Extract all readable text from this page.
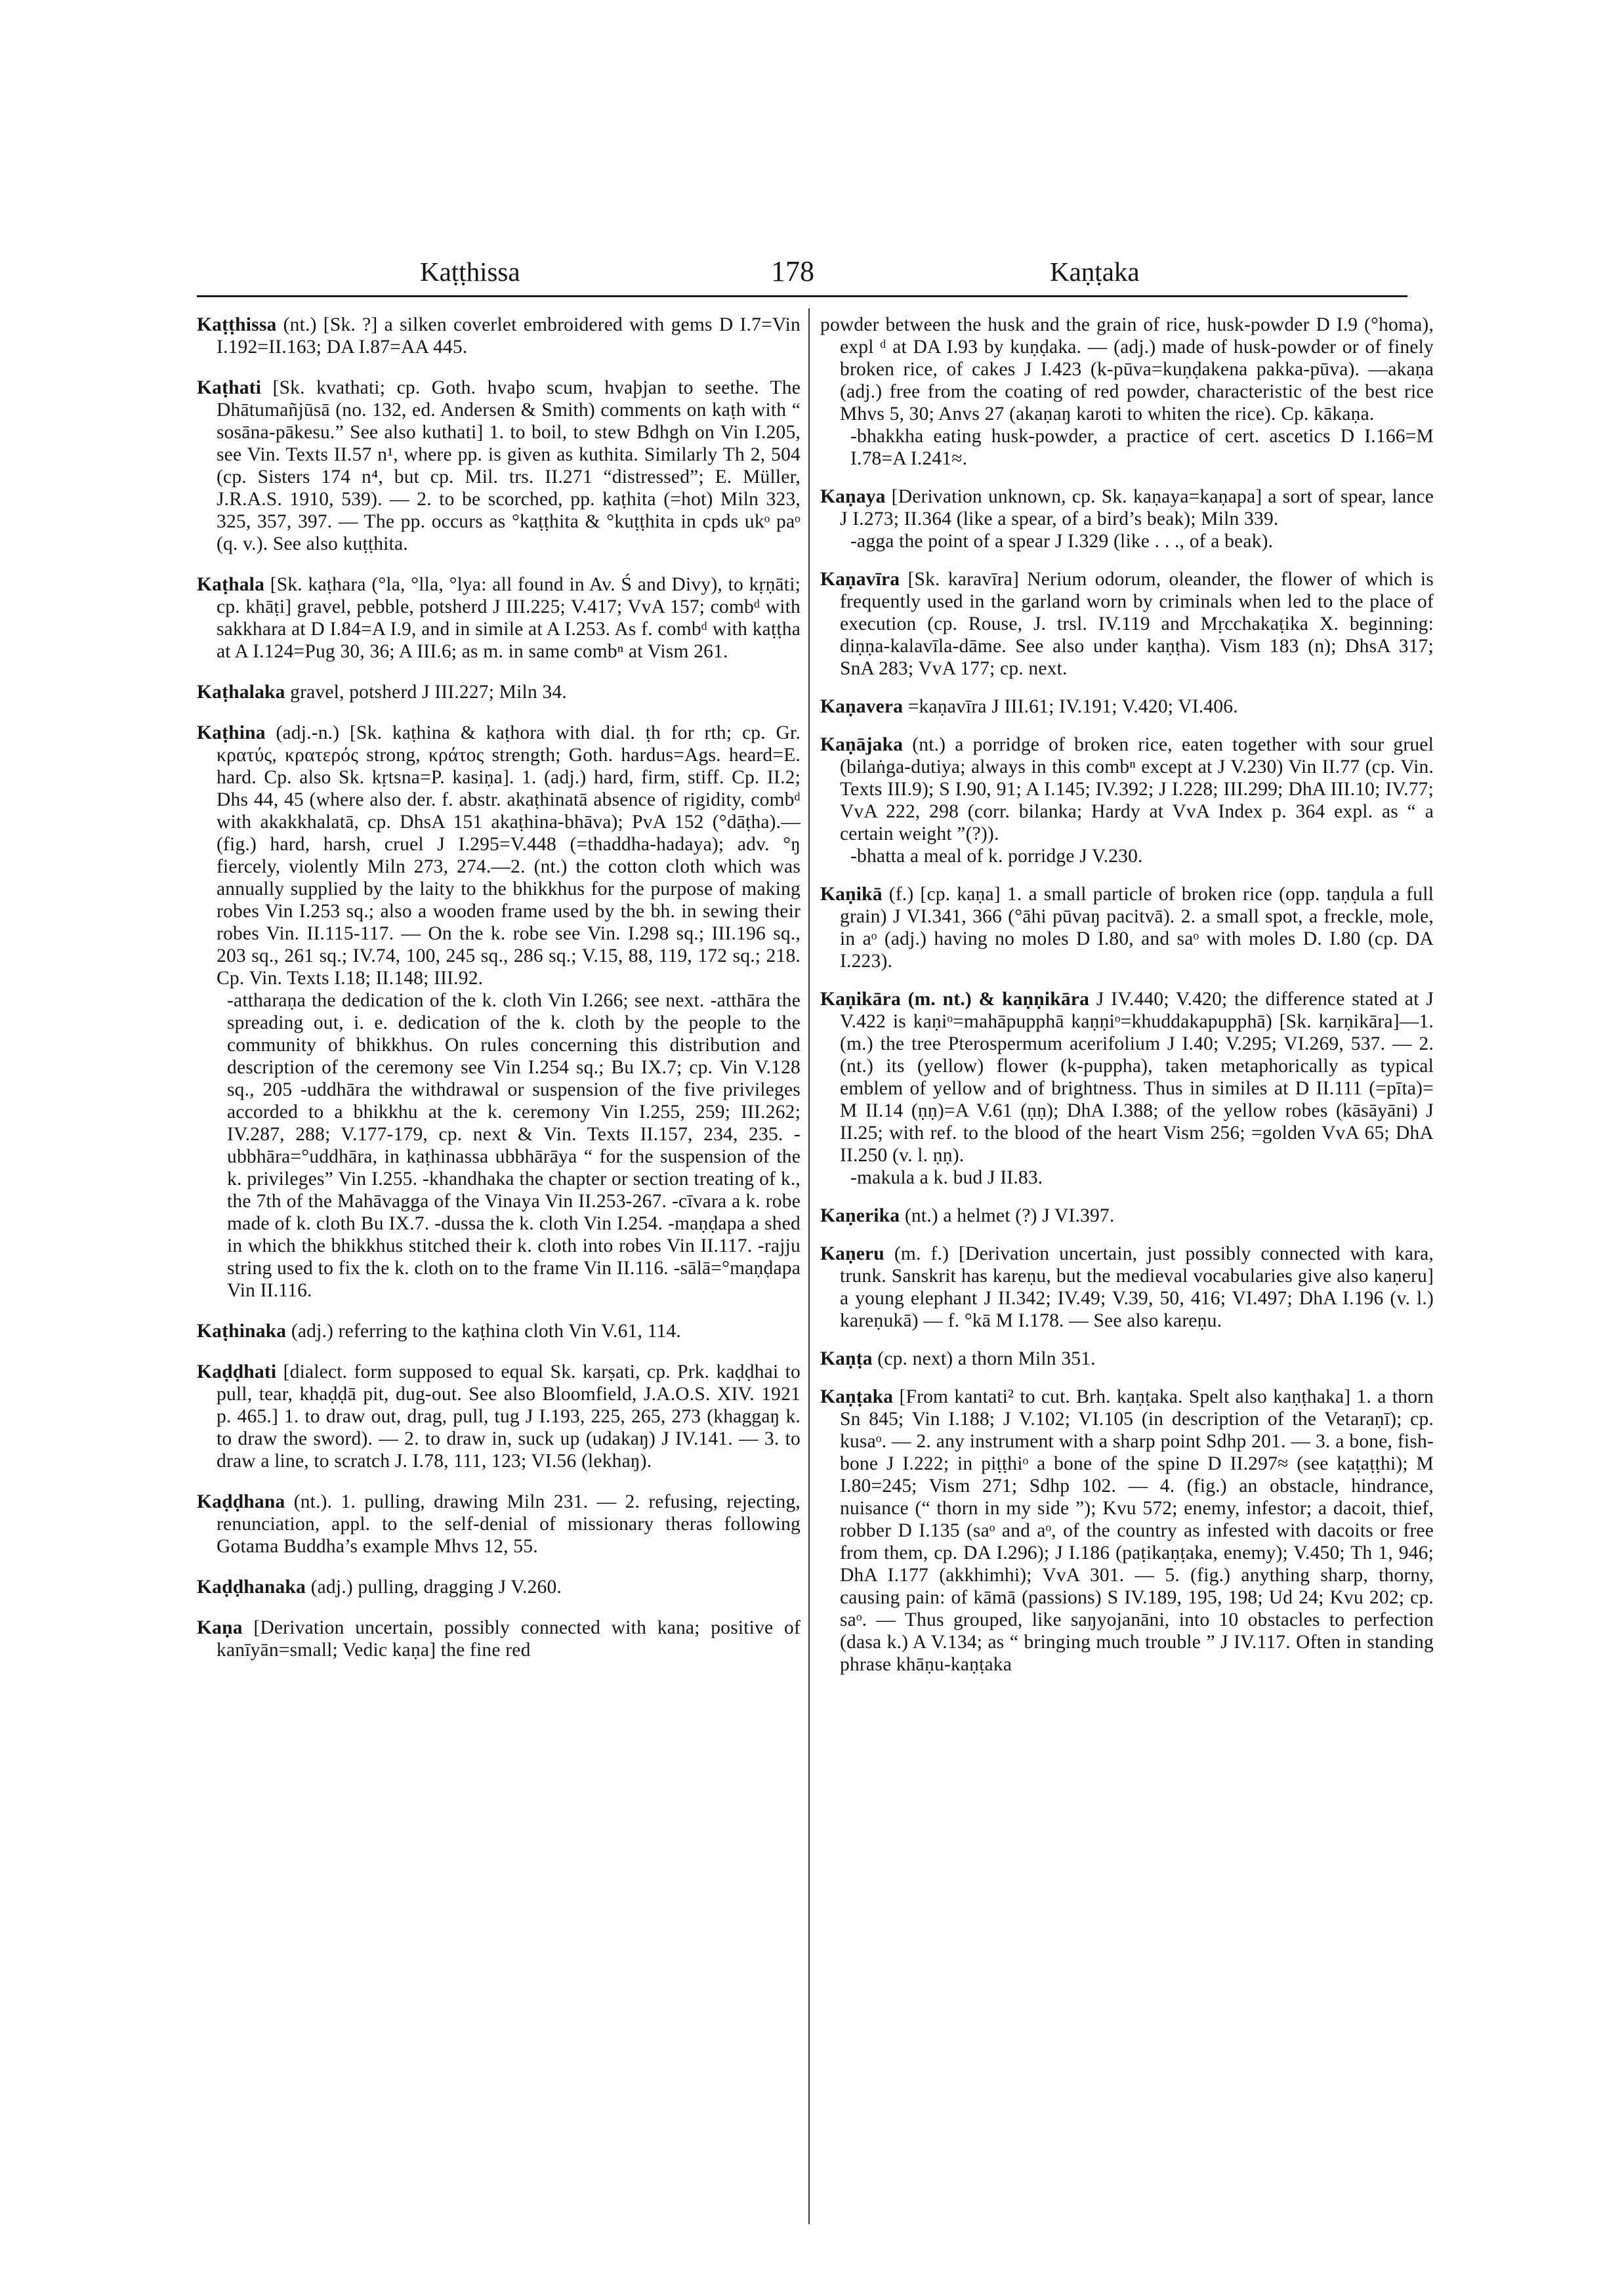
Kaṭṭhissa	178	Kaṇṭaka
Kaṭṭhissa (nt.) [Sk. ?] a silken coverlet embroidered with gems D I.7=Vin I.192=II.163; DA I.87=AA 445.
Kaṭhati [Sk. kvathati; cp. Goth. hvaþo scum, hvaþjan to seethe. The Dhātumañjūsā (no. 132, ed. Andersen & Smith) comments on kaṭh with “ sosāna-pākesu.” See also kuthati] 1. to boil, to stew Bdhgh on Vin I.205, see Vin. Texts II.57 n¹, where pp. is given as kuthita. Similarly Th 2, 504 (cp. Sisters 174 n⁴, but cp. Mil. trs. II.271 “distressed”; E. Müller, J.R.A.S. 1910, 539). — 2. to be scorched, pp. kaṭhita (=hot) Miln 323, 325, 357, 397. — The pp. occurs as °kaṭṭhita & °kuṭṭhita in cpds ukᵒ paᵒ (q. v.). See also kuṭṭhita.
Kaṭhala [Sk. kaṭhara (°la, °lla, °lya: all found in Av. Ś and Divy), to kṛṇāti; cp. khāṭi] gravel, pebble, potsherd J III.225; V.417; VvA 157; combᵈ with sakkhara at D I.84=A I.9, and in simile at A I.253. As f. combᵈ with kaṭṭha at A I.124=Pug 30, 36; A III.6; as m. in same combⁿ at Vism 261.
Kaṭhalaka gravel, potsherd J III.227; Miln 34.
Kaṭhina (adj.-n.) [Sk. kaṭhina & kaṭhora with dial. ṭh for rth; cp. Gr. κρατύς, κρατερός strong, κράτος strength; Goth. hardus=Ags. heard=E. hard. Cp. also Sk. kṛtsna=P. kasiṇa]. 1. (adj.) hard, firm, stiff. Cp. II.2; Dhs 44, 45 (where also der. f. abstr. akaṭhinatā absence of rigidity, combᵈ with akakkhalatā, cp. DhsA 151 akaṭhina-bhāva); PvA 152 (°dāṭha).—(fig.) hard, harsh, cruel J I.295=V.448 (=thaddha-hadaya); adv. °ŋ fiercely, violently Miln 273, 274.—2. (nt.) the cotton cloth which was annually supplied by the laity to the bhikkhus for the purpose of making robes Vin I.253 sq.; also a wooden frame used by the bh. in sewing their robes Vin. II.115-117. — On the k. robe see Vin. I.298 sq.; III.196 sq., 203 sq., 261 sq.; IV.74, 100, 245 sq., 286 sq.; V.15, 88, 119, 172 sq.; 218. Cp. Vin. Texts I.18; II.148; III.92.
-attharaṇa the dedication of the k. cloth Vin I.266; see next. -atthāra the spreading out, i. e. dedication of the k. cloth by the people to the community of bhikkhus. On rules concerning this distribution and description of the ceremony see Vin I.254 sq.; Bu IX.7; cp. Vin V.128 sq., 205 -uddhāra the withdrawal or suspension of the five privileges accorded to a bhikkhu at the k. ceremony Vin I.255, 259; III.262; IV.287, 288; V.177-179, cp. next & Vin. Texts II.157, 234, 235. -ubbhāra=°uddhāra, in kaṭhinassa ubbhārāya “ for the suspension of the k. privileges” Vin I.255. -khandhaka the chapter or section treating of k., the 7th of the Mahāvagga of the Vinaya Vin II.253-267. -cīvara a k. robe made of k. cloth Bu IX.7. -dussa the k. cloth Vin I.254. -maṇḍapa a shed in which the bhikkhus stitched their k. cloth into robes Vin II.117. -rajju string used to fix the k. cloth on to the frame Vin II.116. -sālā=°maṇḍapa Vin II.116.
Kaṭhinaka (adj.) referring to the kaṭhina cloth Vin V.61, 114.
Kaḍḍhati [dialect. form supposed to equal Sk. karṣati, cp. Prk. kaḍḍhai to pull, tear, khaḍḍā pit, dug-out. See also Bloomfield, J.A.O.S. XIV. 1921 p. 465.] 1. to draw out, drag, pull, tug J I.193, 225, 265, 273 (khaggaŋ k. to draw the sword). — 2. to draw in, suck up (udakaŋ) J IV.141. — 3. to draw a line, to scratch J. I.78, 111, 123; VI.56 (lekhaŋ).
Kaḍḍhana (nt.). 1. pulling, drawing Miln 231. — 2. refusing, rejecting, renunciation, appl. to the self-denial of missionary theras following Gotama Buddha’s example Mhvs 12, 55.
Kaḍḍhanaka (adj.) pulling, dragging J V.260.
Kaṇa [Derivation uncertain, possibly connected with kana; positive of kanīyān=small; Vedic kaṇa] the fine red
powder between the husk and the grain of rice, husk-powder D I.9 (°homa), expl ᵈ at DA I.93 by kuṇḍaka. — (adj.) made of husk-powder or of finely broken rice, of cakes J I.423 (k-pūva=kuṇḍakena pakka-pūva). —akaṇa (adj.) free from the coating of red powder, characteristic of the best rice Mhvs 5, 30; Anvs 27 (akaṇaŋ karoti to whiten the rice). Cp. kākaṇa.
-bhakkha eating husk-powder, a practice of cert. ascetics D I.166=M I.78=A I.241≈.
Kaṇaya [Derivation unknown, cp. Sk. kaṇaya=kaṇapa] a sort of spear, lance J I.273; II.364 (like a spear, of a bird’s beak); Miln 339.
-agga the point of a spear J I.329 (like . . ., of a beak).
Kaṇavīra [Sk. karavīra] Nerium odorum, oleander, the flower of which is frequently used in the garland worn by criminals when led to the place of execution (cp. Rouse, J. trsl. IV.119 and Mṛcchakaṭika X. beginning: diṇṇa-kalavīla-dāme. See also under kaṇṭha). Vism 183 (n); DhsA 317; SnA 283; VvA 177; cp. next.
Kaṇavera =kaṇavīra J III.61; IV.191; V.420; VI.406.
Kaṇājaka (nt.) a porridge of broken rice, eaten together with sour gruel (bilaṅga-dutiya; always in this combⁿ except at J V.230) Vin II.77 (cp. Vin. Texts III.9); S I.90, 91; A I.145; IV.392; J I.228; III.299; DhA III.10; IV.77; VvA 222, 298 (corr. bilanka; Hardy at VvA Index p. 364 expl. as “ a certain weight ”(?)).
-bhatta a meal of k. porridge J V.230.
Kaṇikā (f.) [cp. kaṇa] 1. a small particle of broken rice (opp. taṇḍula a full grain) J VI.341, 366 (°āhi pūvaŋ pacitvā). 2. a small spot, a freckle, mole, in aᵒ (adj.) having no moles D I.80, and saᵒ with moles D. I.80 (cp. DA I.223).
Kaṇikāra (m. nt.) & kaṇṇikāra J IV.440; V.420; the difference stated at J V.422 is kaṇiᵒ=mahāpupphā kaṇṇiᵒ=khuddakapupphā) [Sk. karṇikāra]—1. (m.) the tree Pterospermum acerifolium J I.40; V.295; VI.269, 537. — 2. (nt.) its (yellow) flower (k-puppha), taken metaphorically as typical emblem of yellow and of brightness. Thus in similes at D II.111 (=pīta)= M II.14 (ṇṇ)=A V.61 (ṇṇ); DhA I.388; of the yellow robes (kāsāyāni) J II.25; with ref. to the blood of the heart Vism 256; =golden VvA 65; DhA II.250 (v. l. ṇṇ).
-makula a k. bud J II.83.
Kaṇerika (nt.) a helmet (?) J VI.397.
Kaṇeru (m. f.) [Derivation uncertain, just possibly connected with kara, trunk. Sanskrit has kareṇu, but the medieval vocabularies give also kaṇeru] a young elephant J II.342; IV.49; V.39, 50, 416; VI.497; DhA I.196 (v. l.) kareṇukā) — f. °kā M I.178. — See also kareṇu.
Kaṇṭa (cp. next) a thorn Miln 351.
Kaṇṭaka [From kantati² to cut. Brh. kaṇṭaka. Spelt also kaṇṭhaka] 1. a thorn Sn 845; Vin I.188; J V.102; VI.105 (in description of the Vetaraṇī); cp. kusaᵒ. — 2. any instrument with a sharp point Sdhp 201. — 3. a bone, fish-bone J I.222; in piṭṭhiᵒ a bone of the spine D II.297≈ (see kaṭaṭṭhi); M I.80=245; Vism 271; Sdhp 102. — 4. (fig.) an obstacle, hindrance, nuisance (“ thorn in my side ”); Kvu 572; enemy, infestor; a dacoit, thief, robber D I.135 (saᵒ and aᵒ, of the country as infested with dacoits or free from them, cp. DA I.296); J I.186 (paṭikaṇṭaka, enemy); V.450; Th 1, 946; DhA I.177 (akkhimhi); VvA 301. — 5. (fig.) anything sharp, thorny, causing pain: of kāmā (passions) S IV.189, 195, 198; Ud 24; Kvu 202; cp. saᵒ. — Thus grouped, like saŋyojanāni, into 10 obstacles to perfection (dasa k.) A V.134; as “ bringing much trouble ” J IV.117. Often in standing phrase khāṇu-kaṇṭaka
